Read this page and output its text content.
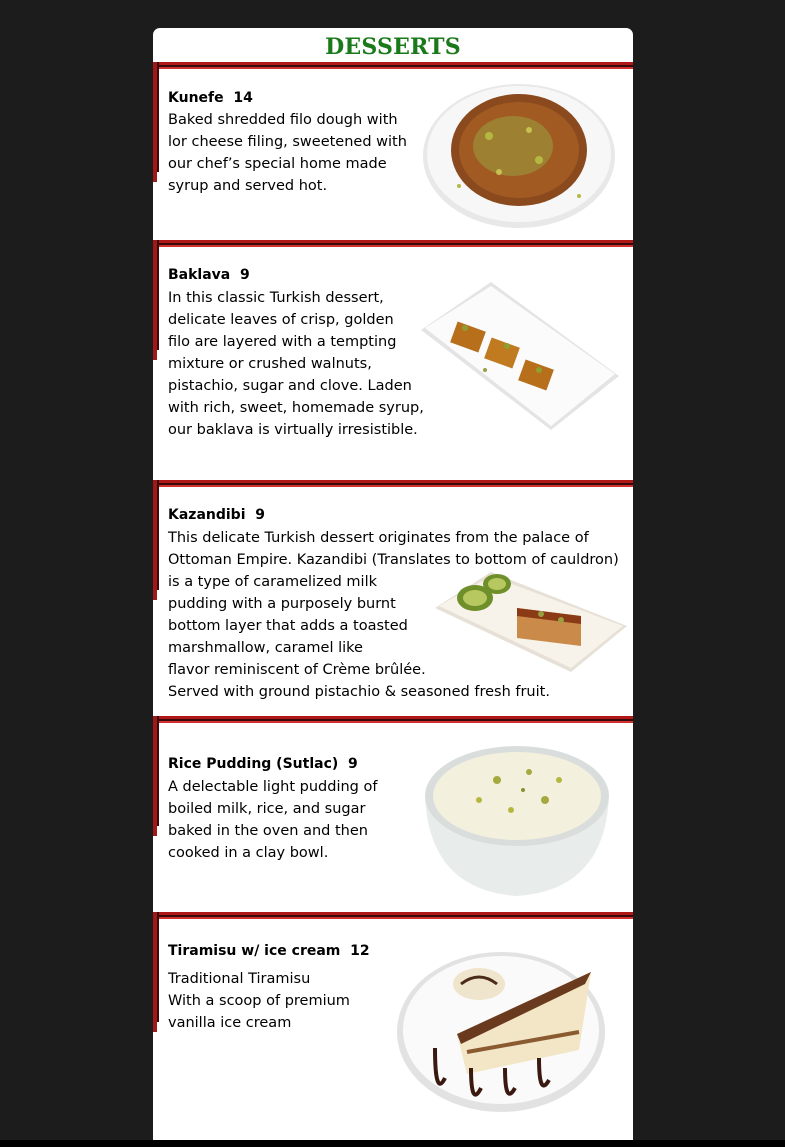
DESSERTS
Kunefe  14
Baked shredded filo dough with
lor cheese filing, sweetened with
our chef’s special home made
syrup and served hot.
Baklava  9
In this classic Turkish dessert,
delicate leaves of crisp, golden
filo are layered with a tempting
mixture or crushed walnuts,
pistachio, sugar and clove. Laden
with rich, sweet, homemade syrup,
our baklava is virtually irresistible.
Kazandibi  9
This delicate Turkish dessert originates from the palace of
Ottoman Empire. Kazandibi (Translates to bottom of cauldron)
is a type of caramelized milk
pudding with a purposely burnt
bottom layer that adds a toasted
marshmallow, caramel like
flavor reminiscent of Crème brûlée.
Served with ground pistachio & seasoned fresh fruit.
Rice Pudding (Sutlac)  9
A delectable light pudding of
boiled milk, rice, and sugar
baked in the oven and then
cooked in a clay bowl.
Tiramisu w/ ice cream  12
Traditional Tiramisu
With a scoop of premium
vanilla ice cream
